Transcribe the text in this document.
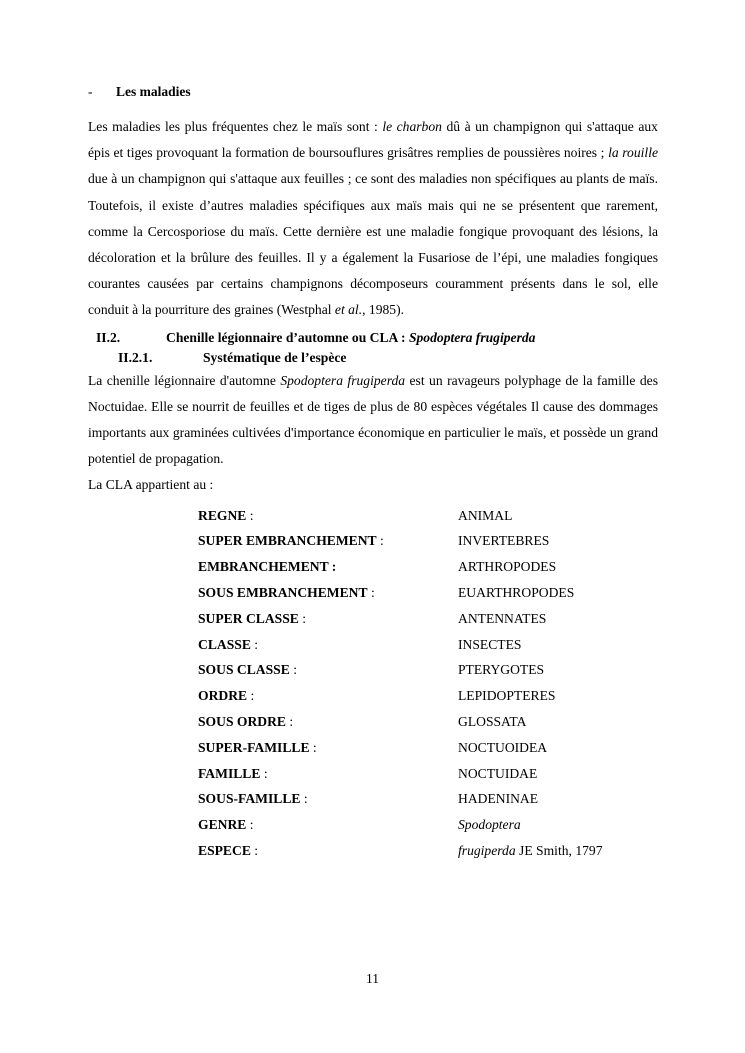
- Les maladies

Les maladies les plus fréquentes chez le maïs sont : le charbon dû à un champignon qui s'attaque aux épis et tiges provoquant la formation de boursouflures grisâtres remplies de poussières noires ; la rouille due à un champignon qui s'attaque aux feuilles ; ce sont des maladies non spécifiques au plants de maïs. Toutefois, il existe d’autres maladies spécifiques aux maïs mais qui ne se présentent que rarement, comme la Cercosporiose du maïs. Cette dernière est une maladie fongique provoquant des lésions, la décoloration et la brûlure des feuilles. Il y a également la Fusariose de l’épi, une maladies fongiques courantes causées par certains champignons décomposeurs couramment présents dans le sol, elle conduit à la pourriture des graines (Westphal et al., 1985).

II.2.	Chenille légionnaire d’automne ou CLA : Spodoptera frugiperda
II.2.1.	Systématique de l’espèce

La chenille légionnaire d'automne Spodoptera frugiperda est un ravageurs polyphage de la famille des Noctuidae. Elle se nourrit de feuilles et de tiges de plus de 80 espèces végétales Il cause des dommages importants aux graminées cultivées d'importance économique en particulier le maïs, et possède un grand potentiel de propagation.

La CLA appartient au :

REGNE :	ANIMAL
SUPER EMBRANCHEMENT :	INVERTEBRES
EMBRANCHEMENT :	ARTHROPODES
SOUS EMBRANCHEMENT :	EUARTHROPODES
SUPER CLASSE :	ANTENNATES
CLASSE :	INSECTES
SOUS CLASSE :	PTERYGOTES
ORDRE :	LEPIDOPTERES
SOUS ORDRE :	GLOSSATA
SUPER-FAMILLE :	NOCTUOIDEA
FAMILLE :	NOCTUIDAE
SOUS-FAMILLE :	HADENINAE
GENRE :	Spodoptera
ESPECE :	frugiperda JE Smith, 1797
11
